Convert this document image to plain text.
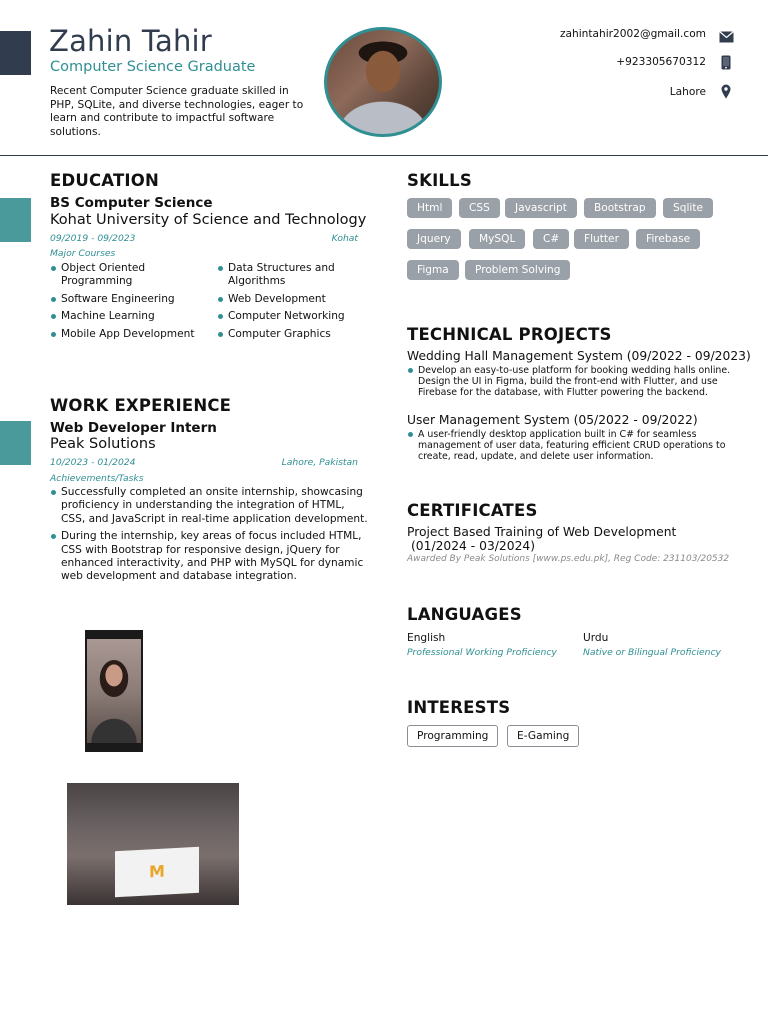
Zahin Tahir
Computer Science Graduate
Recent Computer Science graduate skilled in PHP, SQLite, and diverse technologies, eager to learn and contribute to impactful software solutions.
zahintahir2002@gmail.com
+923305670312
Lahore
EDUCATION
BS Computer Science
Kohat University of Science and Technology
09/2019 - 09/2023	Kohat
Major Courses
Object Oriented Programming
Software Engineering
Machine Learning
Mobile App Development
Data Structures and Algorithms
Web Development
Computer Networking
Computer Graphics
WORK EXPERIENCE
Web Developer Intern
Peak Solutions
10/2023 - 01/2024	Lahore, Pakistan
Achievements/Tasks
Successfully completed an onsite internship, showcasing proficiency in understanding the integration of HTML, CSS, and JavaScript in real-time application development.
During the internship, key areas of focus included HTML, CSS with Bootstrap for responsive design, jQuery for enhanced interactivity, and PHP with MySQL for dynamic web development and database integration.
M
SKILLS
Html	CSS	Javascript	Bootstrap	Sqlite
Jquery	MySQL	C#	Flutter	Firebase
Figma	Problem Solving
TECHNICAL PROJECTS
Wedding Hall Management System (09/2022 - 09/2023)
Develop an easy-to-use platform for booking wedding halls online. Design the UI in Figma, build the front-end with Flutter, and use Firebase for the database, with Flutter powering the backend.
User Management System (05/2022 - 09/2022)
A user-friendly desktop application built in C# for seamless management of user data, featuring efficient CRUD operations to create, read, update, and delete user information.
CERTIFICATES
Project Based Training of Web Development
(01/2024 - 03/2024)
Awarded By Peak Solutions [www.ps.edu.pk], Reg Code: 231103/20532
LANGUAGES
English
Professional Working Proficiency
Urdu
Native or Bilingual Proficiency
INTERESTS
Programming	E-Gaming
